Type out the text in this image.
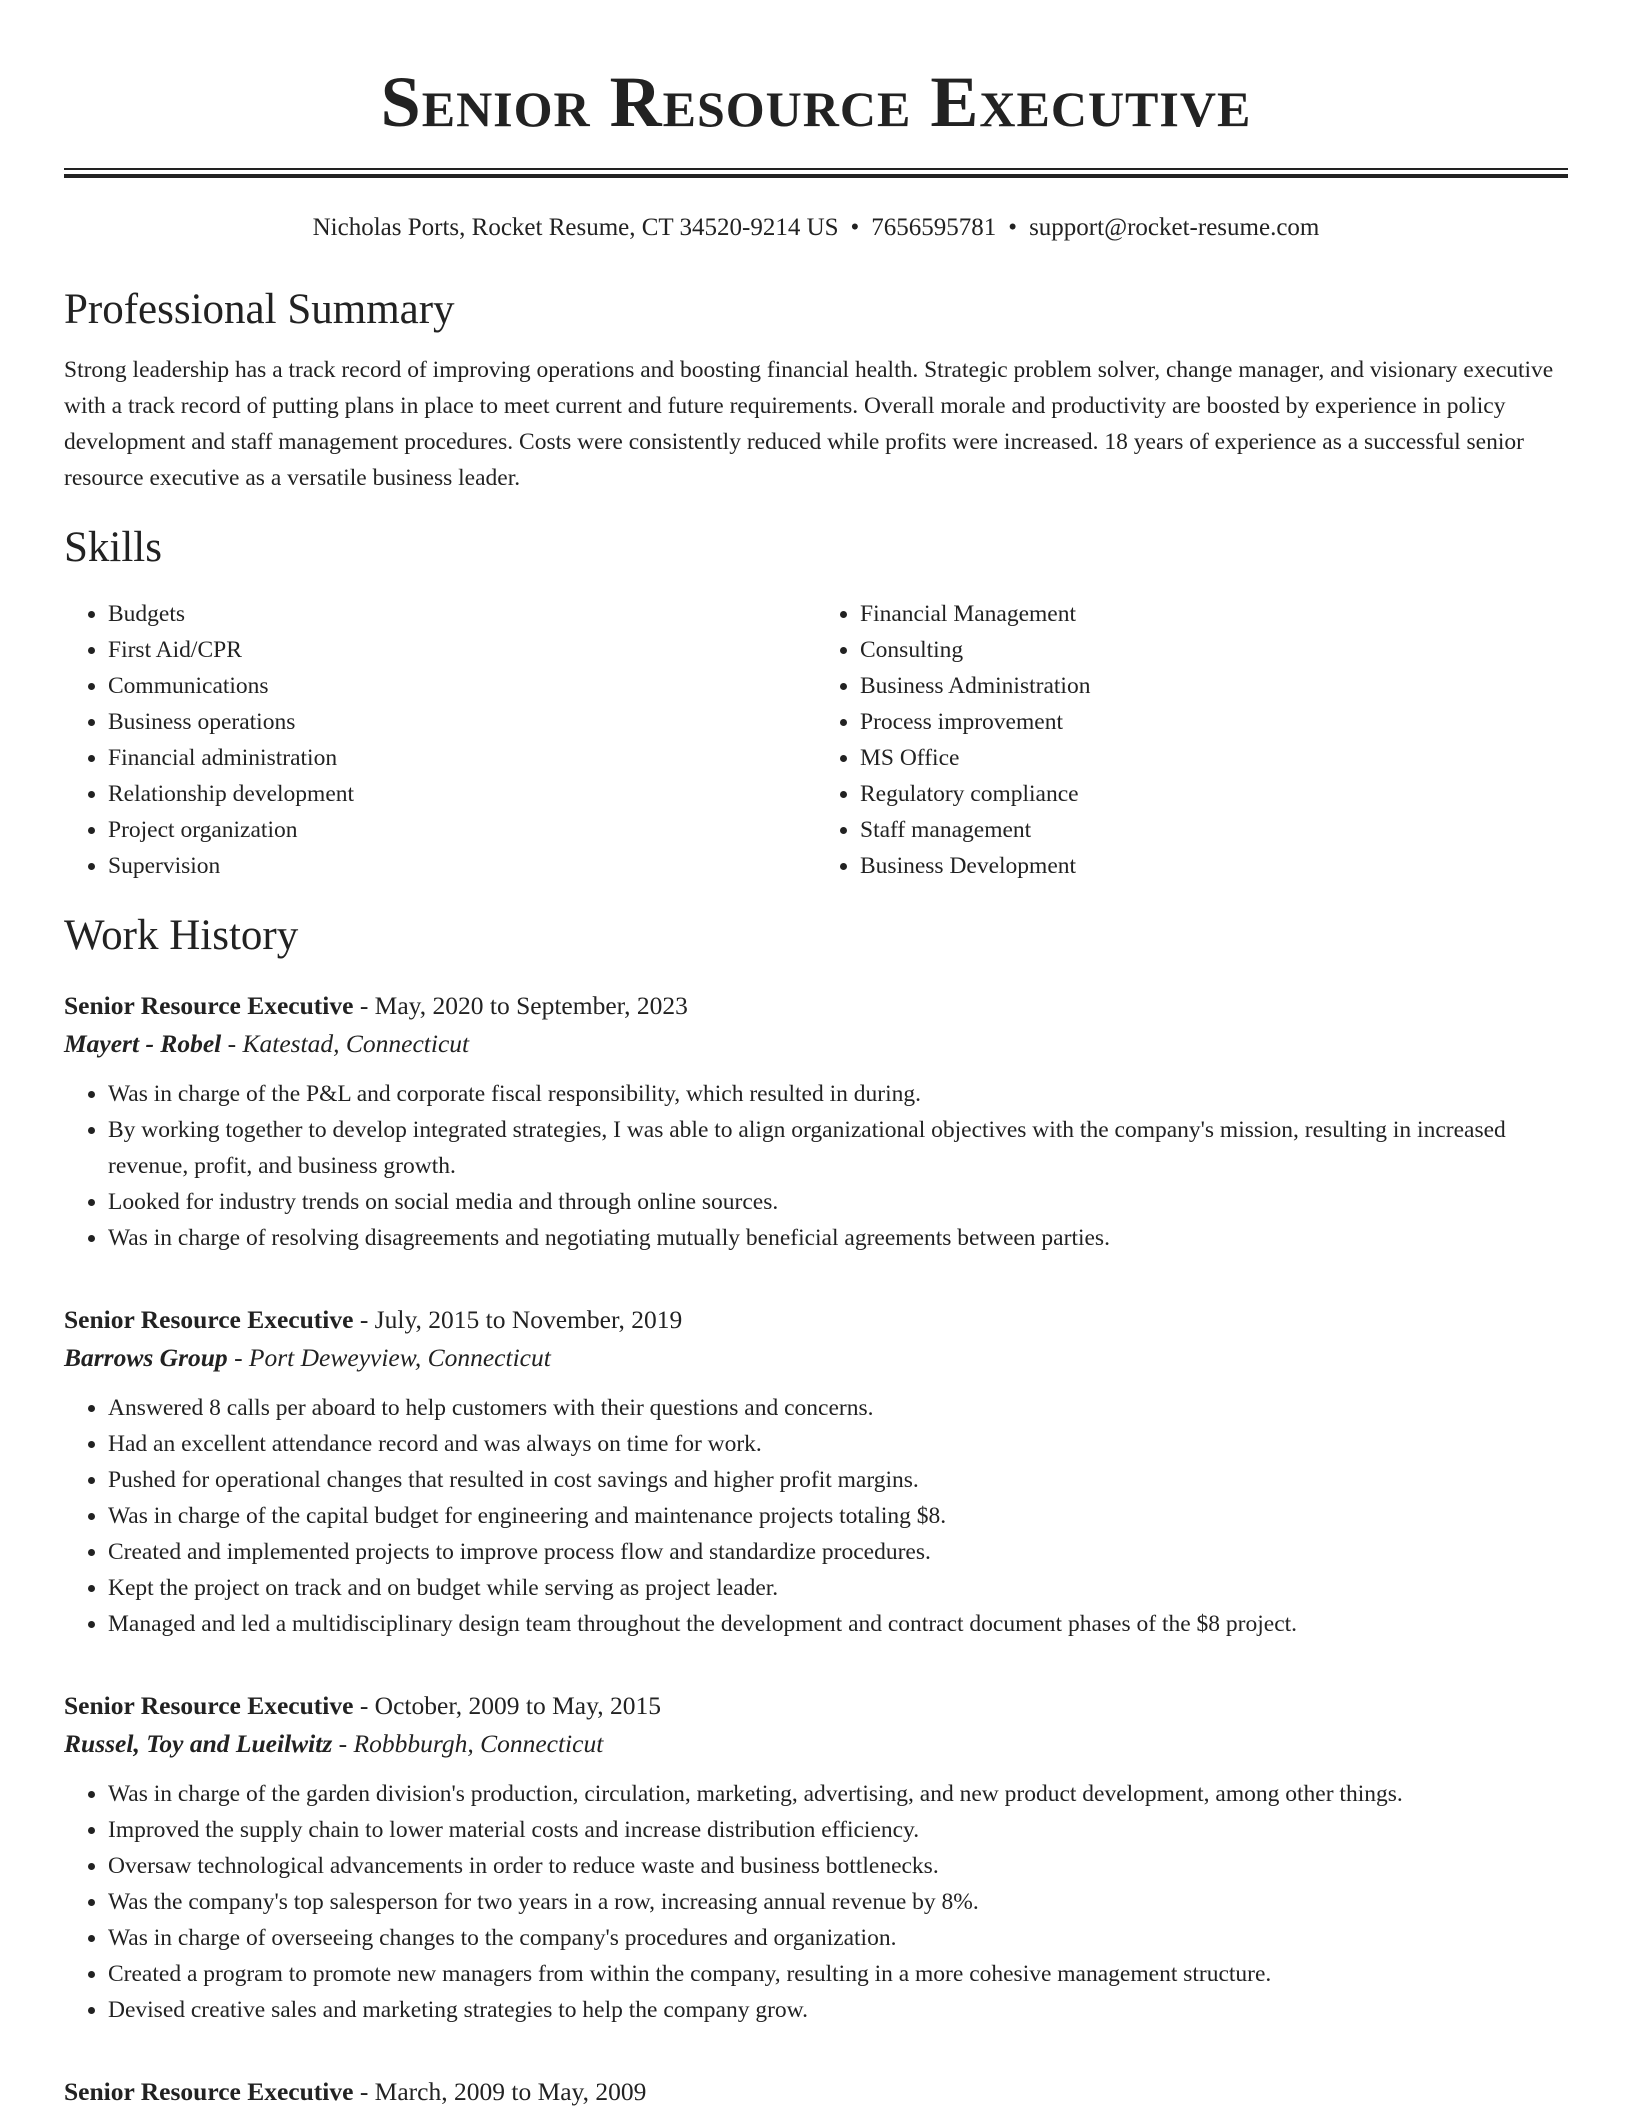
Senior Resource Executive
Nicholas Ports, Rocket Resume, CT 34520-9214 US • 7656595781 • support@rocket-resume.com
Professional Summary

Strong leadership has a track record of improving operations and boosting financial health. Strategic problem solver, change manager, and visionary executive with a track record of putting plans in place to meet current and future requirements. Overall morale and productivity are boosted by experience in policy development and staff management procedures. Costs were consistently reduced while profits were increased. 18 years of experience as a successful senior resource executive as a versatile business leader.

Skills
• Budgets
• First Aid/CPR
• Communications
• Business operations
• Financial administration
• Relationship development
• Project organization
• Supervision
• Financial Management
• Consulting
• Business Administration
• Process improvement
• MS Office
• Regulatory compliance
• Staff management
• Business Development
Work History
Senior Resource Executive - May, 2020 to September, 2023
Mayert - Robel - Katestad, Connecticut
• Was in charge of the P&L and corporate fiscal responsibility, which resulted in during.
• By working together to develop integrated strategies, I was able to align organizational objectives with the company's mission, resulting in increased revenue, profit, and business growth.
• Looked for industry trends on social media and through online sources.
• Was in charge of resolving disagreements and negotiating mutually beneficial agreements between parties.
Senior Resource Executive - July, 2015 to November, 2019
Barrows Group - Port Deweyview, Connecticut
• Answered 8 calls per aboard to help customers with their questions and concerns.
• Had an excellent attendance record and was always on time for work.
• Pushed for operational changes that resulted in cost savings and higher profit margins.
• Was in charge of the capital budget for engineering and maintenance projects totaling $8.
• Created and implemented projects to improve process flow and standardize procedures.
• Kept the project on track and on budget while serving as project leader.
• Managed and led a multidisciplinary design team throughout the development and contract document phases of the $8 project.
Senior Resource Executive - October, 2009 to May, 2015
Russel, Toy and Lueilwitz - Robbburgh, Connecticut
• Was in charge of the garden division's production, circulation, marketing, advertising, and new product development, among other things.
• Improved the supply chain to lower material costs and increase distribution efficiency.
• Oversaw technological advancements in order to reduce waste and business bottlenecks.
• Was the company's top salesperson for two years in a row, increasing annual revenue by 8%.
• Was in charge of overseeing changes to the company's procedures and organization.
• Created a program to promote new managers from within the company, resulting in a more cohesive management structure.
• Devised creative sales and marketing strategies to help the company grow.
Senior Resource Executive - March, 2009 to May, 2009
